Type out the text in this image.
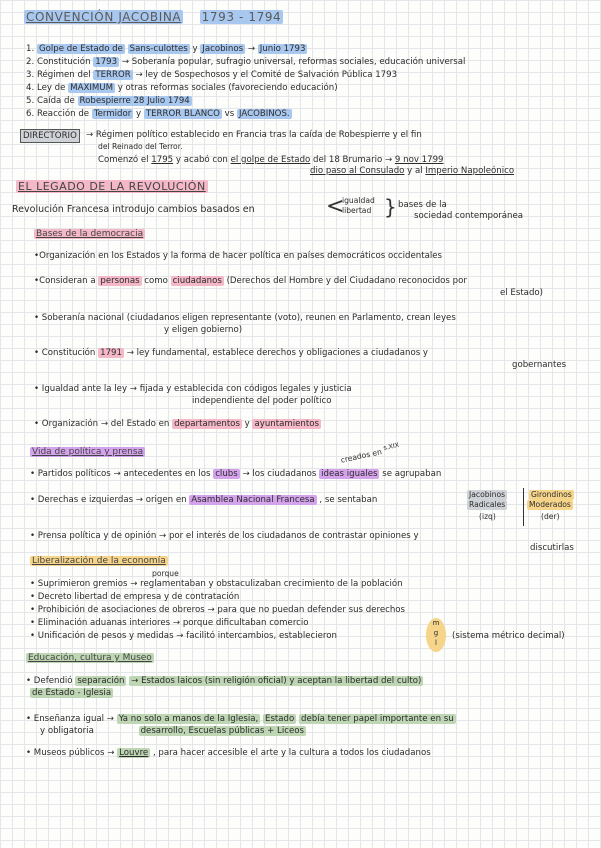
CONVENCIÓN JACOBINA 1793 - 1794
1. Golpe de Estado de Sans-culottes y Jacobinos → Junio 1793
2. Constitución 1793 → Soberanía popular, sufragio universal, reformas sociales, educación universal
3. Régimen del TERROR → ley de Sospechosos y el Comité de Salvación Pública 1793
4. Ley de MAXIMUM y otras reformas sociales (favoreciendo educación)
5. Caída de Robespierre 28 Julio 1794
6. Reacción de Termidor y TERROR BLANCO vs JACOBINOS.
DIRECTORIO	→ Régimen político establecido en Francia tras la caída de Robespierre y el fin
del Reinado del Terror.
Comenzó el 1795 y acabó con el golpe de Estado del 18 Brumario → 9 nov 1799
dio paso al Consulado y al Imperio Napoleónico
EL LEGADO DE LA REVOLUCIÓN
Revolución Francesa introdujo cambios basados en	<
igualdad
libertad } bases de la
sociedad contemporánea
Bases de la democracia
•Organización en los Estados y la forma de hacer política en países democráticos occidentales
•Consideran a personas como ciudadanos (Derechos del Hombre y del Ciudadano reconocidos por
el Estado)
• Soberanía nacional (ciudadanos eligen representante (voto), reunen en Parlamento, crean leyes
y eligen gobierno)
• Constitución 1791 → ley fundamental, establece derechos y obligaciones a ciudadanos y
gobernantes
• Igualdad ante la ley → fijada y establecida con códigos legales y justicia
independiente del poder político
• Organización → del Estado en departamentos y ayuntamientos
Vida de política y prensa	creados en $^{s.XIX}$
• Partidos políticos → antecedentes en los clubs → los ciudadanos ideas iguales se agrupaban
• Derechas e izquierdas → origen en Asamblea Nacional Francesa , se sentaban
Jacobinos
Radicales
(izq)
Girondinos
Moderados
(der)
• Prensa política y de opinión → por el interés de los ciudadanos de contrastar opiniones y
discutirlas
Liberalización de la economía
porque
• Suprimieron gremios → reglamentaban y obstaculizaban crecimiento de la población
• Decreto libertad de empresa y de contratación
• Prohibición de asociaciones de obreros → para que no puedan defender sus derechos
• Eliminación aduanas interiores → porque dificultaban comercio
• Unificación de pesos y medidas → facilitó intercambios, establecieron
m
g
l
(sistema métrico decimal)
Educación, cultura y Museo
• Defendió separación → Estados laicos (sin religión oficial) y aceptan la libertad del culto)
de Estado - Iglesia
• Enseñanza igual → Ya no solo a manos de la Iglesia, Estado debía tener papel importante en su
y obligatoria	desarrollo, Escuelas públicas + Liceos
• Museos públicos → Louvre , para hacer accesible el arte y la cultura a todos los ciudadanos
